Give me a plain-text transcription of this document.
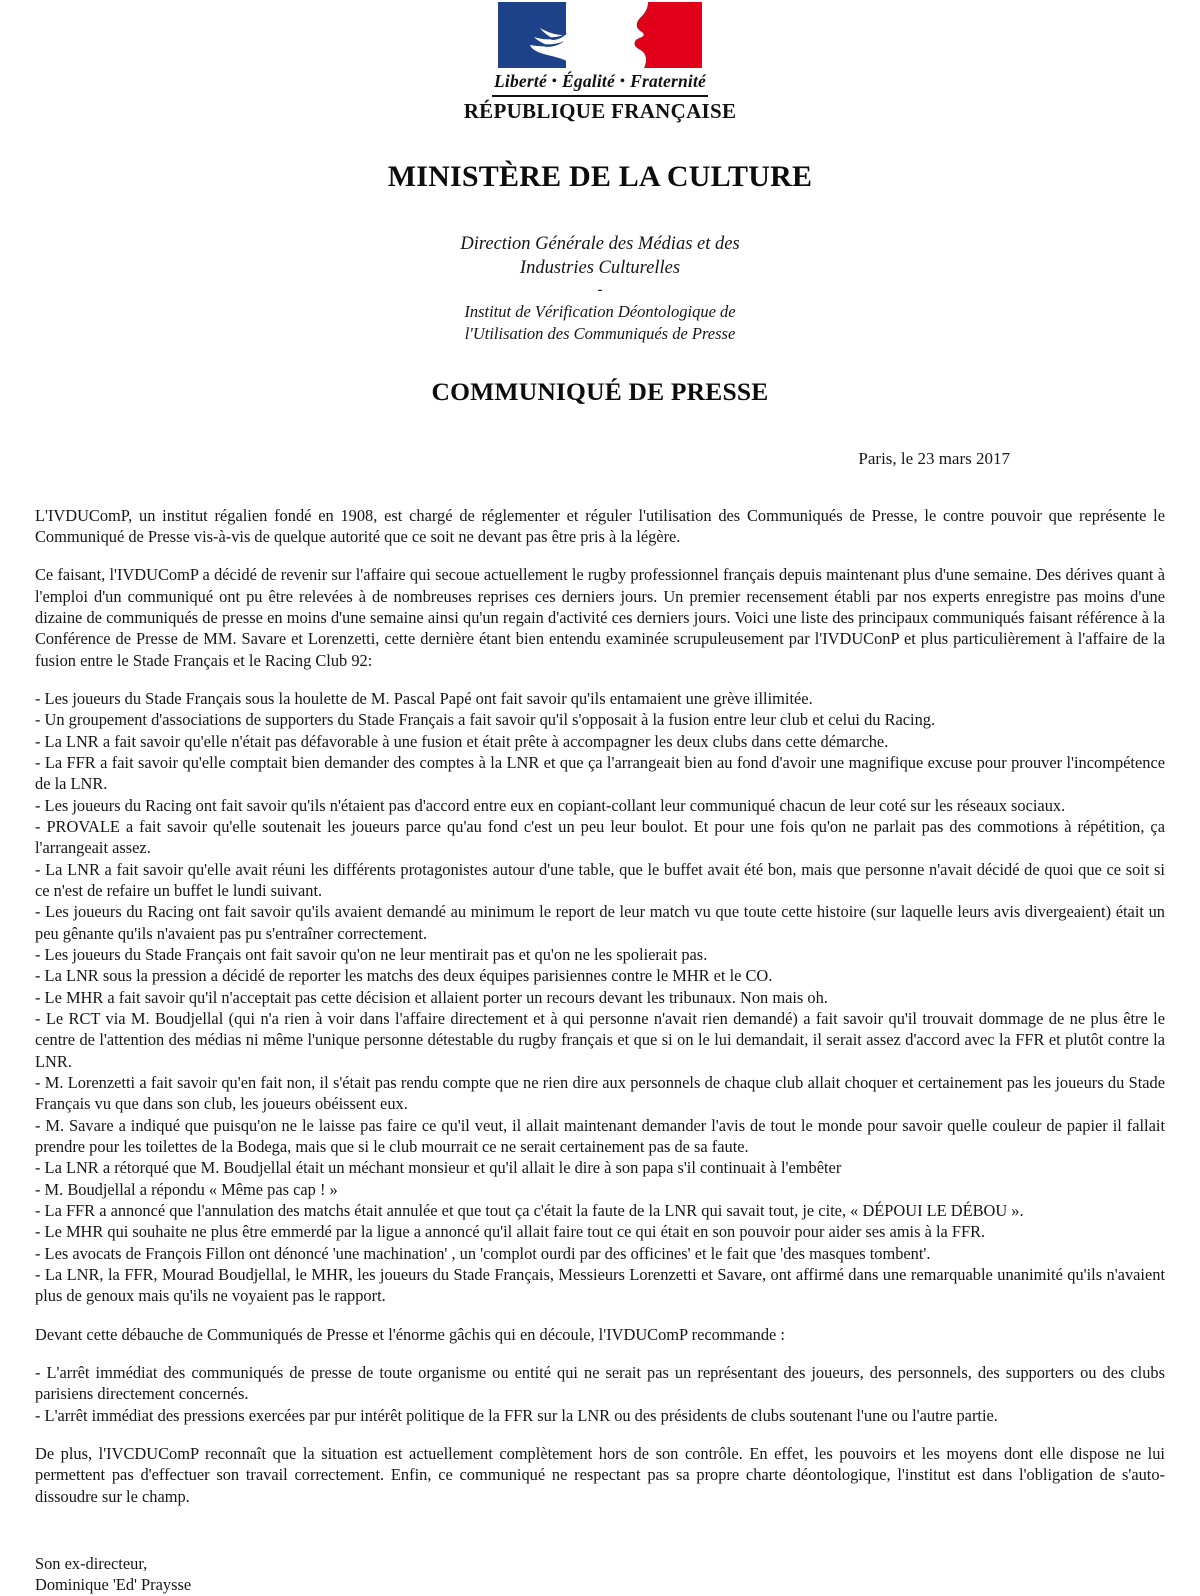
Liberté • Égalité • Fraternité
RÉPUBLIQUE FRANÇAISE
MINISTÈRE DE LA CULTURE
Direction Générale des Médias et des
Industries Culturelles
-
Institut de Vérification Déontologique de
l'Utilisation des Communiqués de Presse
COMMUNIQUÉ DE PRESSE
Paris, le 23 mars 2017

L'IVDUComP, un institut régalien fondé en 1908, est chargé de réglementer et réguler l'utilisation des Communiqués de Presse, le contre pouvoir que représente le Communiqué de Presse vis-à-vis de quelque autorité que ce soit ne devant pas être pris à la légère.

Ce faisant, l'IVDUComP a décidé de revenir sur l'affaire qui secoue actuellement le rugby professionnel français depuis maintenant plus d'une semaine. Des dérives quant à l'emploi d'un communiqué ont pu être relevées à de nombreuses reprises ces derniers jours. Un premier recensement établi par nos experts enregistre pas moins d'une dizaine de communiqués de presse en moins d'une semaine ainsi qu'un regain d'activité ces derniers jours. Voici une liste des principaux communiqués faisant référence à la Conférence de Presse de MM. Savare et Lorenzetti, cette dernière étant bien entendu examinée scrupuleusement par l'IVDUConP et plus particulièrement à l'affaire de la fusion entre le Stade Français et le Racing Club 92:

- Les joueurs du Stade Français sous la houlette de M. Pascal Papé ont fait savoir qu'ils entamaient une grève illimitée.

- Un groupement d'associations de supporters du Stade Français a fait savoir qu'il s'opposait à la fusion entre leur club et celui du Racing.

- La LNR a fait savoir qu'elle n'était pas défavorable à une fusion et était prête à accompagner les deux clubs dans cette démarche.

- La FFR a fait savoir qu'elle comptait bien demander des comptes à la LNR et que ça l'arrangeait bien au fond d'avoir une magnifique excuse pour prouver l'incompétence de la LNR.

- Les joueurs du Racing ont fait savoir qu'ils n'étaient pas d'accord entre eux en copiant-collant leur communiqué chacun de leur coté sur les réseaux sociaux.

- PROVALE a fait savoir qu'elle soutenait les joueurs parce qu'au fond c'est un peu leur boulot. Et pour une fois qu'on ne parlait pas des commotions à répétition, ça l'arrangeait assez.

- La LNR a fait savoir qu'elle avait réuni les différents protagonistes autour d'une table, que le buffet avait été bon, mais que personne n'avait décidé de quoi que ce soit si ce n'est de refaire un buffet le lundi suivant.

- Les joueurs du Racing ont fait savoir qu'ils avaient demandé au minimum le report de leur match vu que toute cette histoire (sur laquelle leurs avis divergeaient) était un peu gênante qu'ils n'avaient pas pu s'entraîner correctement.

- Les joueurs du Stade Français ont fait savoir qu'on ne leur mentirait pas et qu'on ne les spolierait pas.

- La LNR sous la pression a décidé de reporter les matchs des deux équipes parisiennes contre le MHR et le CO.

- Le MHR a fait savoir qu'il n'acceptait pas cette décision et allaient porter un recours devant les tribunaux. Non mais oh.

- Le RCT via M. Boudjellal (qui n'a rien à voir dans l'affaire directement et à qui personne n'avait rien demandé) a fait savoir qu'il trouvait dommage de ne plus être le centre de l'attention des médias ni même l'unique personne détestable du rugby français et que si on le lui demandait, il serait assez d'accord avec la FFR et plutôt contre la LNR.

- M. Lorenzetti a fait savoir qu'en fait non, il s'était pas rendu compte que ne rien dire aux personnels de chaque club allait choquer et certainement pas les joueurs du Stade Français vu que dans son club, les joueurs obéissent eux.

- M. Savare a indiqué que puisqu'on ne le laisse pas faire ce qu'il veut, il allait maintenant demander l'avis de tout le monde pour savoir quelle couleur de papier il fallait prendre pour les toilettes de la Bodega, mais que si le club mourrait ce ne serait certainement pas de sa faute.

- La LNR a rétorqué que M. Boudjellal était un méchant monsieur et qu'il allait le dire à son papa s'il continuait à l'embêter

- M. Boudjellal a répondu « Même pas cap ! »

- La FFR a annoncé que l'annulation des matchs était annulée et que tout ça c'était la faute de la LNR qui savait tout, je cite, « DÉPOUI LE DÉBOU ».

- Le MHR qui souhaite ne plus être emmerdé par la ligue a annoncé qu'il allait faire tout ce qui était en son pouvoir pour aider ses amis à la FFR.

- Les avocats de François Fillon ont dénoncé 'une machination' , un 'complot ourdi par des officines' et le fait que 'des masques tombent'.

- La LNR, la FFR, Mourad Boudjellal, le MHR, les joueurs du Stade Français, Messieurs Lorenzetti et Savare, ont affirmé dans une remarquable unanimité qu'ils n'avaient plus de genoux mais qu'ils ne voyaient pas le rapport.

Devant cette débauche de Communiqués de Presse et l'énorme gâchis qui en découle, l'IVDUComP recommande :

- L'arrêt immédiat des communiqués de presse de toute organisme ou entité qui ne serait pas un représentant des joueurs, des personnels, des supporters ou des clubs parisiens directement concernés.

- L'arrêt immédiat des pressions exercées par pur intérêt politique de la FFR sur la LNR ou des présidents de clubs soutenant l'une ou l'autre partie.

De plus, l'IVCDUComP reconnaît que la situation est actuellement complètement hors de son contrôle. En effet, les pouvoirs et les moyens dont elle dispose ne lui permettent pas d'effectuer son travail correctement. Enfin, ce communiqué ne respectant pas sa propre charte déontologique, l'institut est dans l'obligation de s'auto-dissoudre sur le champ.

Son ex-directeur,

Dominique 'Ed' Praysse
